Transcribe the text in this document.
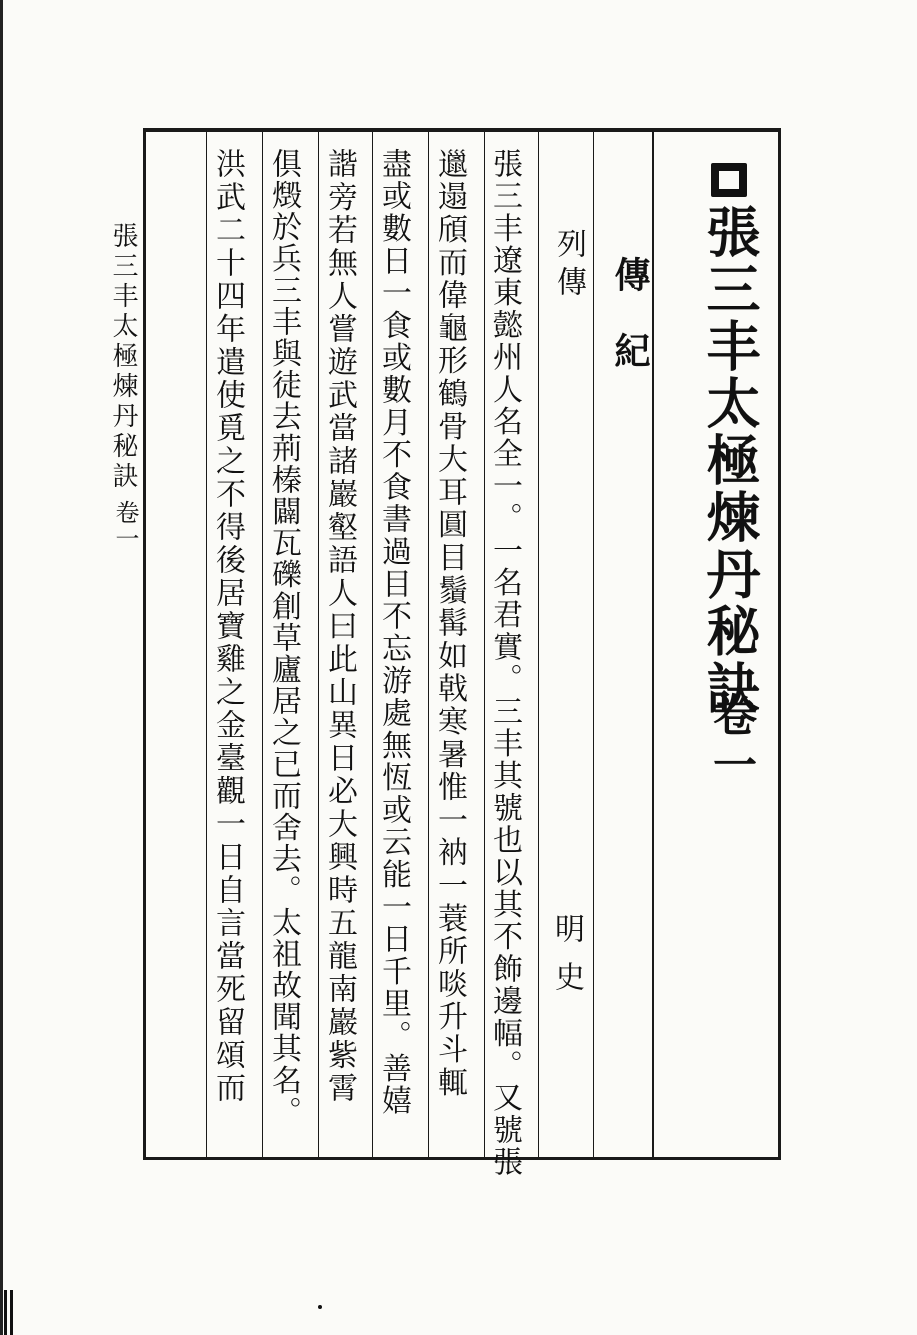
張三丰太極煉丹秘訣
卷一
傳紀
列傳
明史
張三丰遼東懿州人名全一。一名君實。三丰其號也以其不飾邊幅。又號張
邋遢頎而偉龜形鶴骨大耳圓目鬚髯如戟寒暑惟一衲一蓑所啖升斗輒
盡或數日一食或數月不食書過目不忘游處無恆或云能一日千里。善嬉
諧旁若無人嘗遊武當諸巖壑語人曰此山異日必大興時五龍南巖紫霄
俱燬於兵三丰與徒去荊榛闢瓦礫創草廬居之已而舍去。太祖故聞其名。
洪武二十四年遣使覓之不得後居寶雞之金臺觀一日自言當死留頌而
張三丰太極煉丹秘訣
卷一
